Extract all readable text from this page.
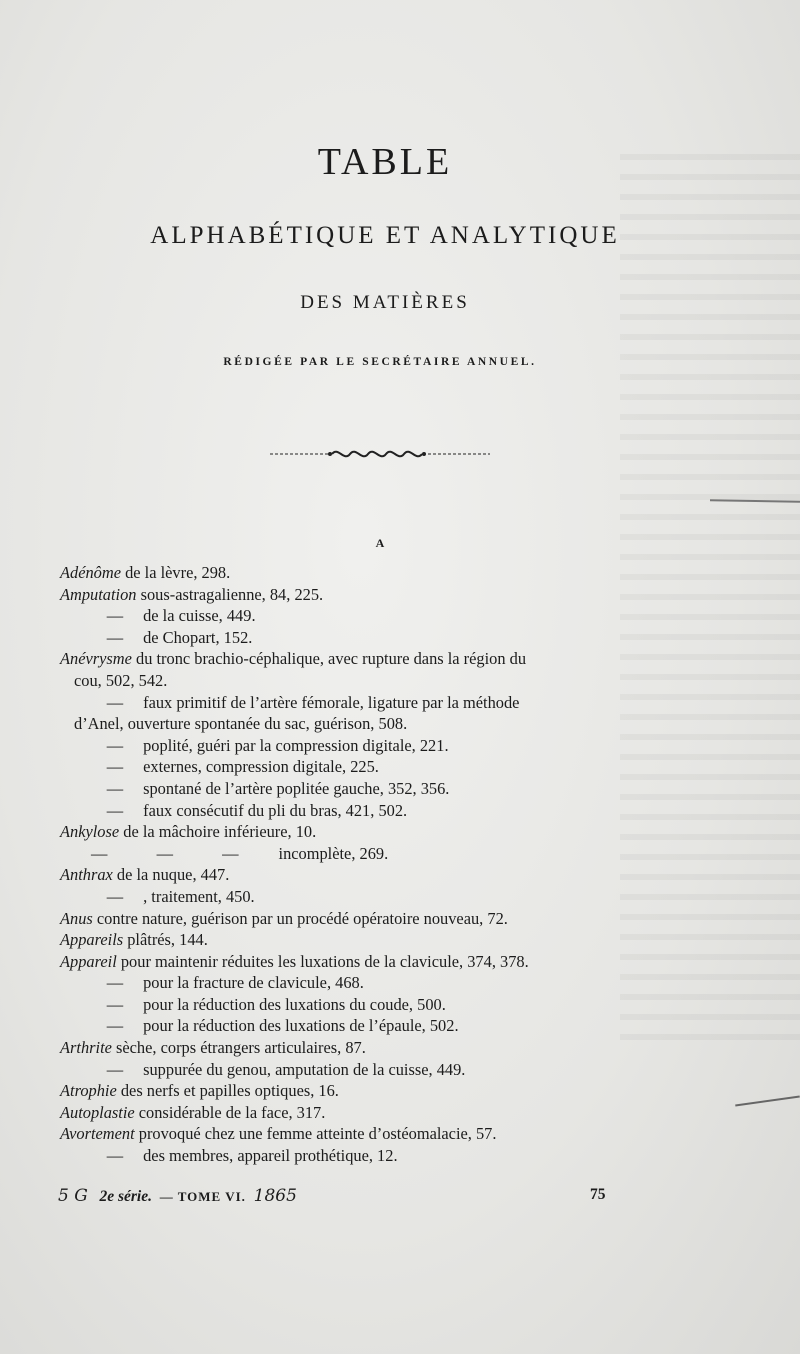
TABLE
ALPHABÉTIQUE ET ANALYTIQUE
DES MATIÈRES
RÉDIGÉE PAR LE SECRÉTAIRE ANNUEL.
A
Adénôme de la lèvre, 298.
Amputation sous-astragalienne, 84, 225.
— de la cuisse, 449.
— de Chopart, 152.
Anévrysme du tronc brachio-céphalique, avec rupture dans la région du
cou, 502, 542.
— faux primitif de l’artère fémorale, ligature par la méthode
d’Anel, ouverture spontanée du sac, guérison, 508.
— poplité, guéri par la compression digitale, 221.
— externes, compression digitale, 225.
— spontané de l’artère poplitée gauche, 352, 356.
— faux consécutif du pli du bras, 421, 502.
Ankylose de la mâchoire inférieure, 10.
—            —            — incomplète, 269.
Anthrax de la nuque, 447.
— , traitement, 450.
Anus contre nature, guérison par un procédé opératoire nouveau, 72.
Appareils plâtrés, 144.
Appareil pour maintenir réduites les luxations de la clavicule, 374, 378.
— pour la fracture de clavicule, 468.
— pour la réduction des luxations du coude, 500.
— pour la réduction des luxations de l’épaule, 502.
Arthrite sèche, corps étrangers articulaires, 87.
— suppurée du genou, amputation de la cuisse, 449.
Atrophie des nerfs et papilles optiques, 16.
Autoplastie considérable de la face, 317.
Avortement provoqué chez une femme atteinte d’ostéomalacie, 57.
— des membres, appareil prothétique, 12.
5 G 2e série. — TOME VI. 1865	75
